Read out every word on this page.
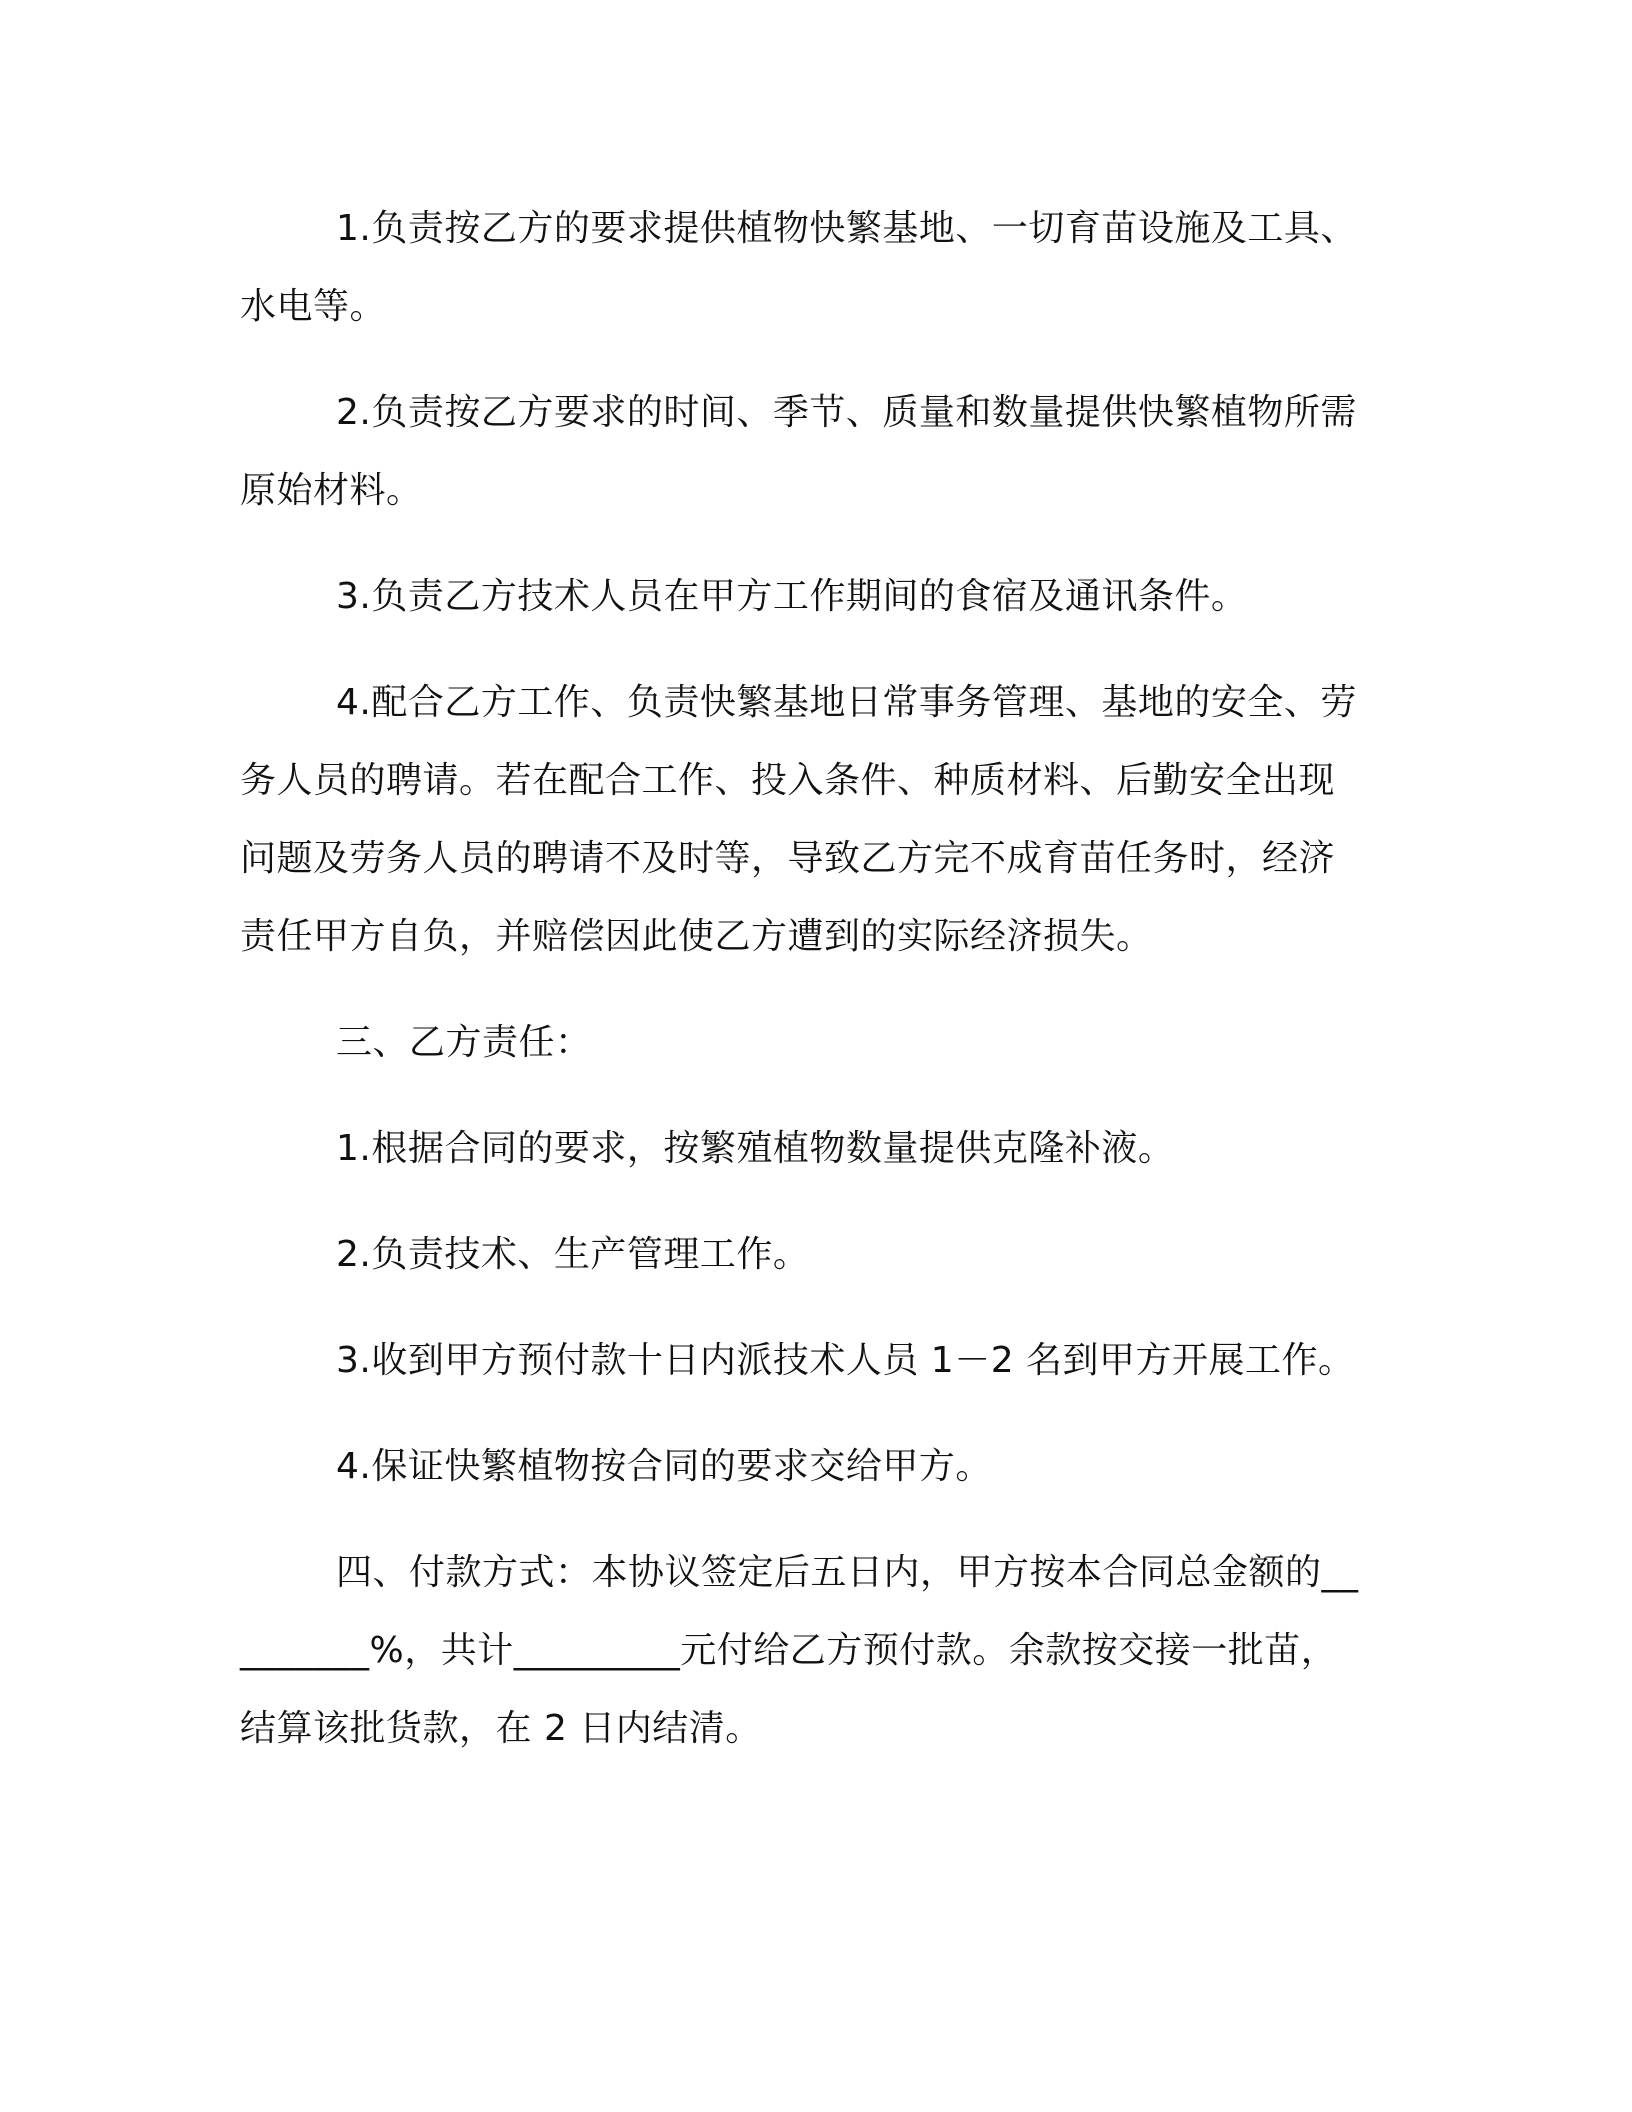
1.负责按乙方的要求提供植物快繁基地、一切育苗设施及工具、水电等。

2.负责按乙方要求的时间、季节、质量和数量提供快繁植物所需原始材料。

3.负责乙方技术人员在甲方工作期间的食宿及通讯条件。

4.配合乙方工作、负责快繁基地日常事务管理、基地的安全、劳务人员的聘请。若在配合工作、投入条件、种质材料、后勤安全出现问题及劳务人员的聘请不及时等，导致乙方完不成育苗任务时，经济责任甲方自负，并赔偿因此使乙方遭到的实际经济损失。

三、乙方责任：

1.根据合同的要求，按繁殖植物数量提供克隆补液。

2.负责技术、生产管理工作。

3.收到甲方预付款十日内派技术人员 1－2 名到甲方开展工作。

4.保证快繁植物按合同的要求交给甲方。

四、付款方式：本协议签定后五日内，甲方按本合同总金额的_________%，共计_________元付给乙方预付款。余款按交接一批苗，结算该批货款，在 2 日内结清。
